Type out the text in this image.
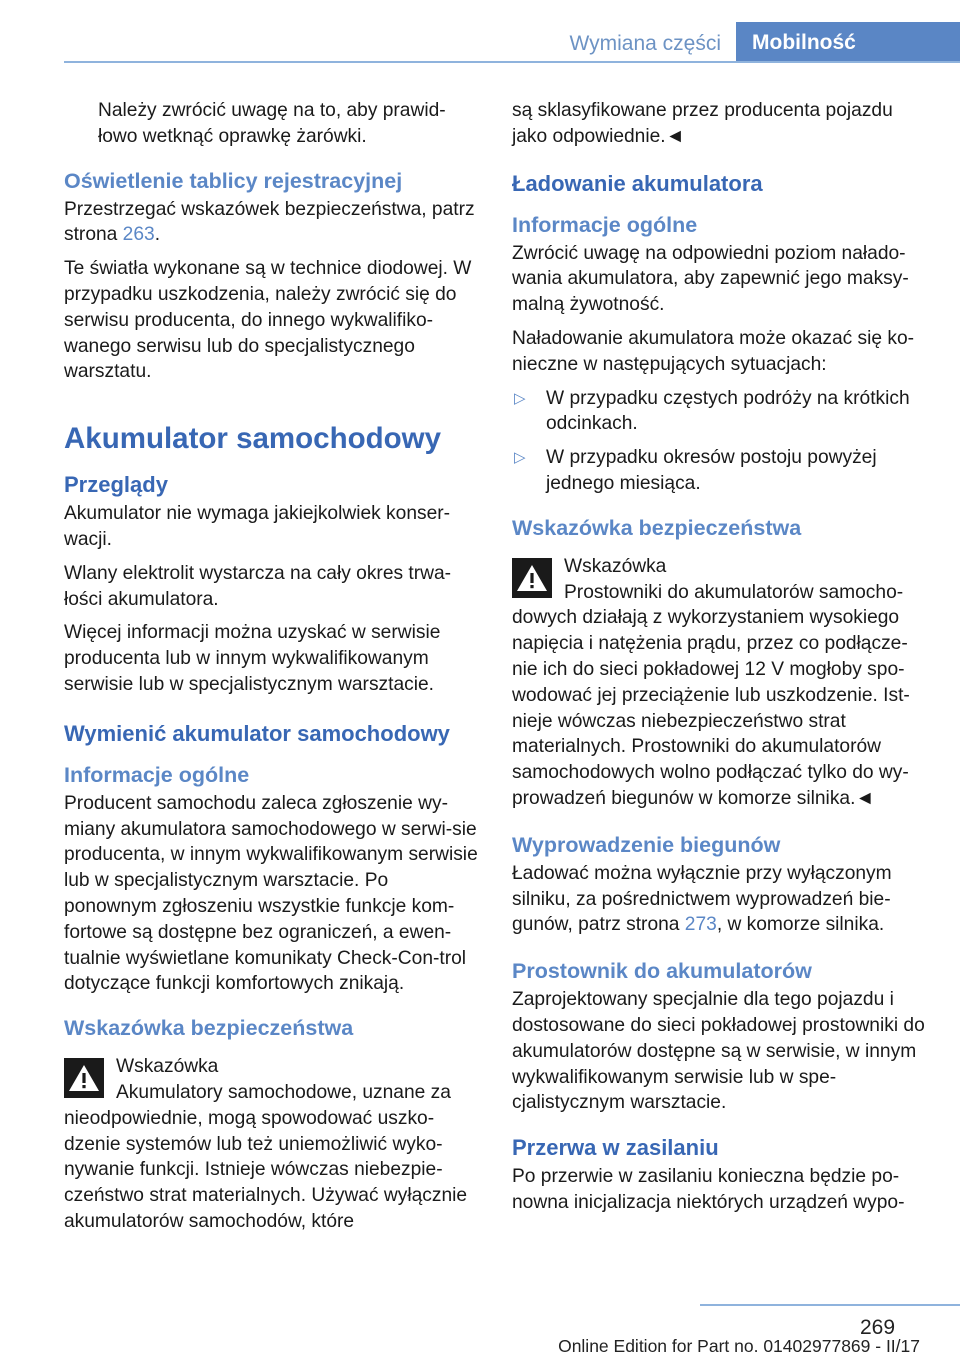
Wymiana części	Mobilność

Należy zwrócić uwagę na to, aby prawid‐łowo wetknąć oprawkę żarówki.

Oświetlenie tablicy rejestracyjnej

Przestrzegać wskazówek bezpieczeństwa, patrz strona 263.

Te światła wykonane są w technice diodowej. W przypadku uszkodzenia, należy zwrócić się do serwisu producenta, do innego wykwalifiko‐wanego serwisu lub do specjalistycznego warsztatu.

Akumulator samochodowy
Przeglądy

Akumulator nie wymaga jakiejkolwiek konser‐wacji.

Wlany elektrolit wystarcza na cały okres trwa‐łości akumulatora.

Więcej informacji można uzyskać w serwisie producenta lub w innym wykwalifikowanym serwisie lub w specjalistycznym warsztacie.

Wymienić akumulator samochodowy
Informacje ogólne

Producent samochodu zaleca zgłoszenie wy‐miany akumulatora samochodowego w serwi‐sie producenta, w innym wykwalifikowanym serwisie lub w specjalistycznym warsztacie. Po ponownym zgłoszeniu wszystkie funkcje kom‐fortowe są dostępne bez ograniczeń, a ewen‐tualnie wyświetlane komunikaty Check-Con‐trol dotyczące funkcji komfortowych znikają.

Wskazówka bezpieczeństwa
Wskazówka

Akumulatory samochodowe, uznane za nieodpowiednie, mogą spowodować uszko‐dzenie systemów lub też uniemożliwić wyko‐nywanie funkcji. Istnieje wówczas niebezpie‐czeństwo strat materialnych. Używać wyłącznie akumulatorów samochodów, które

są sklasyfikowane przez producenta pojazdu jako odpowiednie.◄

Ładowanie akumulatora
Informacje ogólne

Zwrócić uwagę na odpowiedni poziom nałado‐wania akumulatora, aby zapewnić jego maksy‐malną żywotność.

Naładowanie akumulatora może okazać się ko‐nieczne w następujących sytuacjach:

▷ W przypadku częstych podróży na krótkich odcinkach.
▷ W przypadku okresów postoju powyżej jednego miesiąca.
Wskazówka bezpieczeństwa
Wskazówka

Prostowniki do akumulatorów samocho‐dowych działają z wykorzystaniem wysokiego napięcia i natężenia prądu, przez co podłącze‐nie ich do sieci pokładowej 12 V mogłoby spo‐wodować jej przeciążenie lub uszkodzenie. Ist‐nieje wówczas niebezpieczeństwo strat materialnych. Prostowniki do akumulatorów samochodowych wolno podłączać tylko do wy‐prowadzeń biegunów w komorze silnika.◄

Wyprowadzenie biegunów

Ładować można wyłącznie przy wyłączonym silniku, za pośrednictwem wyprowadzeń bie‐gunów, patrz strona 273, w komorze silnika.

Prostownik do akumulatorów

Zaprojektowany specjalnie dla tego pojazdu i dostosowane do sieci pokładowej prostowniki do akumulatorów dostępne są w serwisie, w innym wykwalifikowanym serwisie lub w spe‐cjalistycznym warsztacie.

Przerwa w zasilaniu

Po przerwie w zasilaniu konieczna będzie po‐nowna inicjalizacja niektórych urządzeń wypo‐

269
Online Edition for Part no. 01402977869 - II/17
